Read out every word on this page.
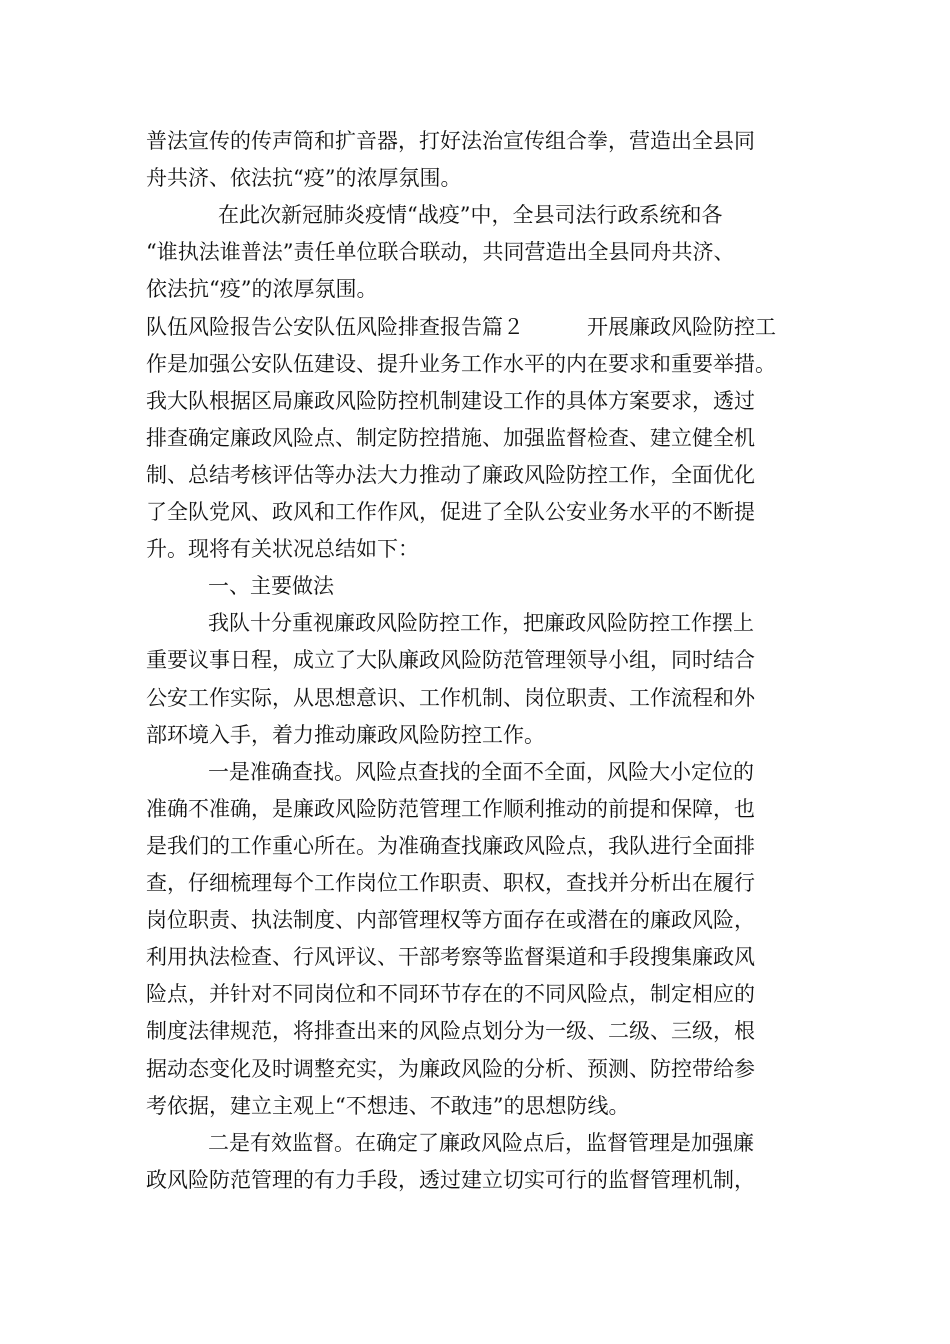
普法宣传的传声筒和扩音器，打好法治宣传组合拳，营造出全县同
舟共济、依法抗“疫”的浓厚氛围。
在此次新冠肺炎疫情“战疫”中，全县司法行政系统和各
“谁执法谁普法”责任单位联合联动，共同营造出全县同舟共济、
依法抗“疫”的浓厚氛围。
队伍风险报告公安队伍风险排查报告篇２　　　开展廉政风险防控工
作是加强公安队伍建设、提升业务工作水平的内在要求和重要举措。
我大队根据区局廉政风险防控机制建设工作的具体方案要求，透过
排查确定廉政风险点、制定防控措施、加强监督检查、建立健全机
制、总结考核评估等办法大力推动了廉政风险防控工作，全面优化
了全队党风、政风和工作作风，促进了全队公安业务水平的不断提
升。现将有关状况总结如下：
一、主要做法
我队十分重视廉政风险防控工作，把廉政风险防控工作摆上
重要议事日程，成立了大队廉政风险防范管理领导小组，同时结合
公安工作实际，从思想意识、工作机制、岗位职责、工作流程和外
部环境入手，着力推动廉政风险防控工作。
一是准确查找。风险点查找的全面不全面，风险大小定位的
准确不准确，是廉政风险防范管理工作顺利推动的前提和保障，也
是我们的工作重心所在。为准确查找廉政风险点，我队进行全面排
查，仔细梳理每个工作岗位工作职责、职权，查找并分析出在履行
岗位职责、执法制度、内部管理权等方面存在或潜在的廉政风险，
利用执法检查、行风评议、干部考察等监督渠道和手段搜集廉政风
险点，并针对不同岗位和不同环节存在的不同风险点，制定相应的
制度法律规范，将排查出来的风险点划分为一级、二级、三级，根
据动态变化及时调整充实，为廉政风险的分析、预测、防控带给参
考依据，建立主观上“不想违、不敢违”的思想防线。
二是有效监督。在确定了廉政风险点后，监督管理是加强廉
政风险防范管理的有力手段，透过建立切实可行的监督管理机制，
